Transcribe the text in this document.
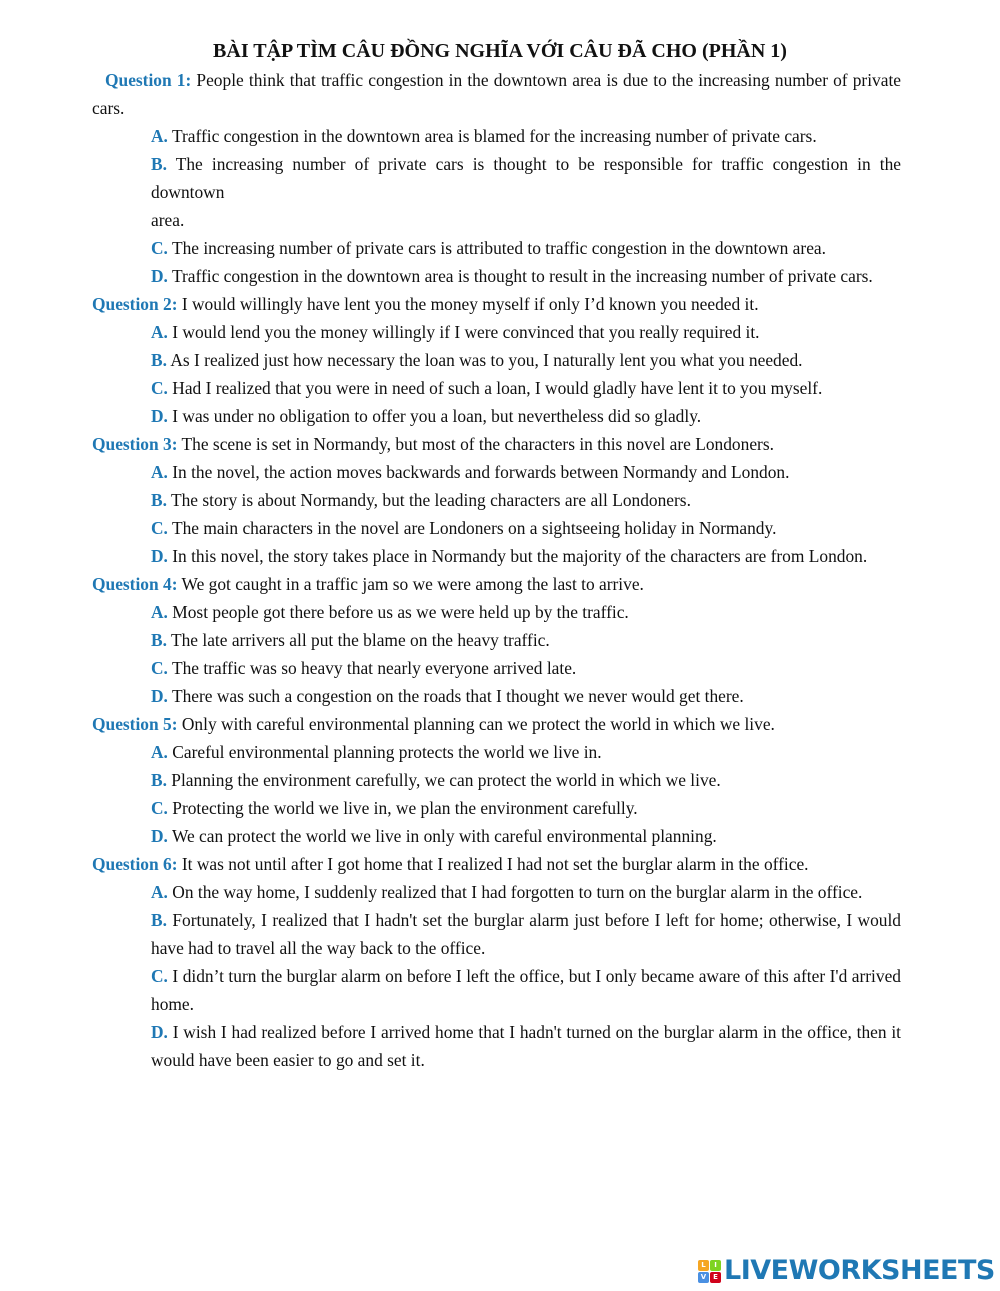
BÀI TẬP TÌM CÂU ĐỒNG NGHĨA VỚI CÂU ĐÃ CHO (PHẦN 1)

Question 1: People think that traffic congestion in the downtown area is due to the increasing number of private cars.

A. Traffic congestion in the downtown area is blamed for the increasing number of private cars.

B. The increasing number of private cars is thought to be responsible for traffic congestion in the downtown

area.

C. The increasing number of private cars is attributed to traffic congestion in the downtown area.

D. Traffic congestion in the downtown area is thought to result in the increasing number of private cars.

Question 2: I would willingly have lent you the money myself if only I’d known you needed it.

A. I would lend you the money willingly if I were convinced that you really required it.

B. As I realized just how necessary the loan was to you, I naturally lent you what you needed.

C. Had I realized that you were in need of such a loan, I would gladly have lent it to you myself.

D. I was under no obligation to offer you a loan, but nevertheless did so gladly.

Question 3: The scene is set in Normandy, but most of the characters in this novel are Londoners.

A. In the novel, the action moves backwards and forwards between Normandy and London.

B. The story is about Normandy, but the leading characters are all Londoners.

C. The main characters in the novel are Londoners on a sightseeing holiday in Normandy.

D. In this novel, the story takes place in Normandy but the majority of the characters are from London.

Question 4: We got caught in a traffic jam so we were among the last to arrive.

A. Most people got there before us as we were held up by the traffic.

B. The late arrivers all put the blame on the heavy traffic.

C. The traffic was so heavy that nearly everyone arrived late.

D. There was such a congestion on the roads that I thought we never would get there.

Question 5: Only with careful environmental planning can we protect the world in which we live.

A. Careful environmental planning protects the world we live in.

B. Planning the environment carefully, we can protect the world in which we live.

C. Protecting the world we live in, we plan the environment carefully.

D. We can protect the world we live in only with careful environmental planning.

Question 6: It was not until after I got home that I realized I had not set the burglar alarm in the office.

A. On the way home, I suddenly realized that I had forgotten to turn on the burglar alarm in the office.

B. Fortunately, I realized that I hadn't set the burglar alarm just before I left for home; otherwise, I would have had to travel all the way back to the office.

C. I didn’t turn the burglar alarm on before I left the office, but I only became aware of this after I'd arrived home.

D. I wish I had realized before I arrived home that I hadn't turned on the burglar alarm in the office, then it would have been easier to go and set it.

L	I
V E LIVEWORKSHEETS
